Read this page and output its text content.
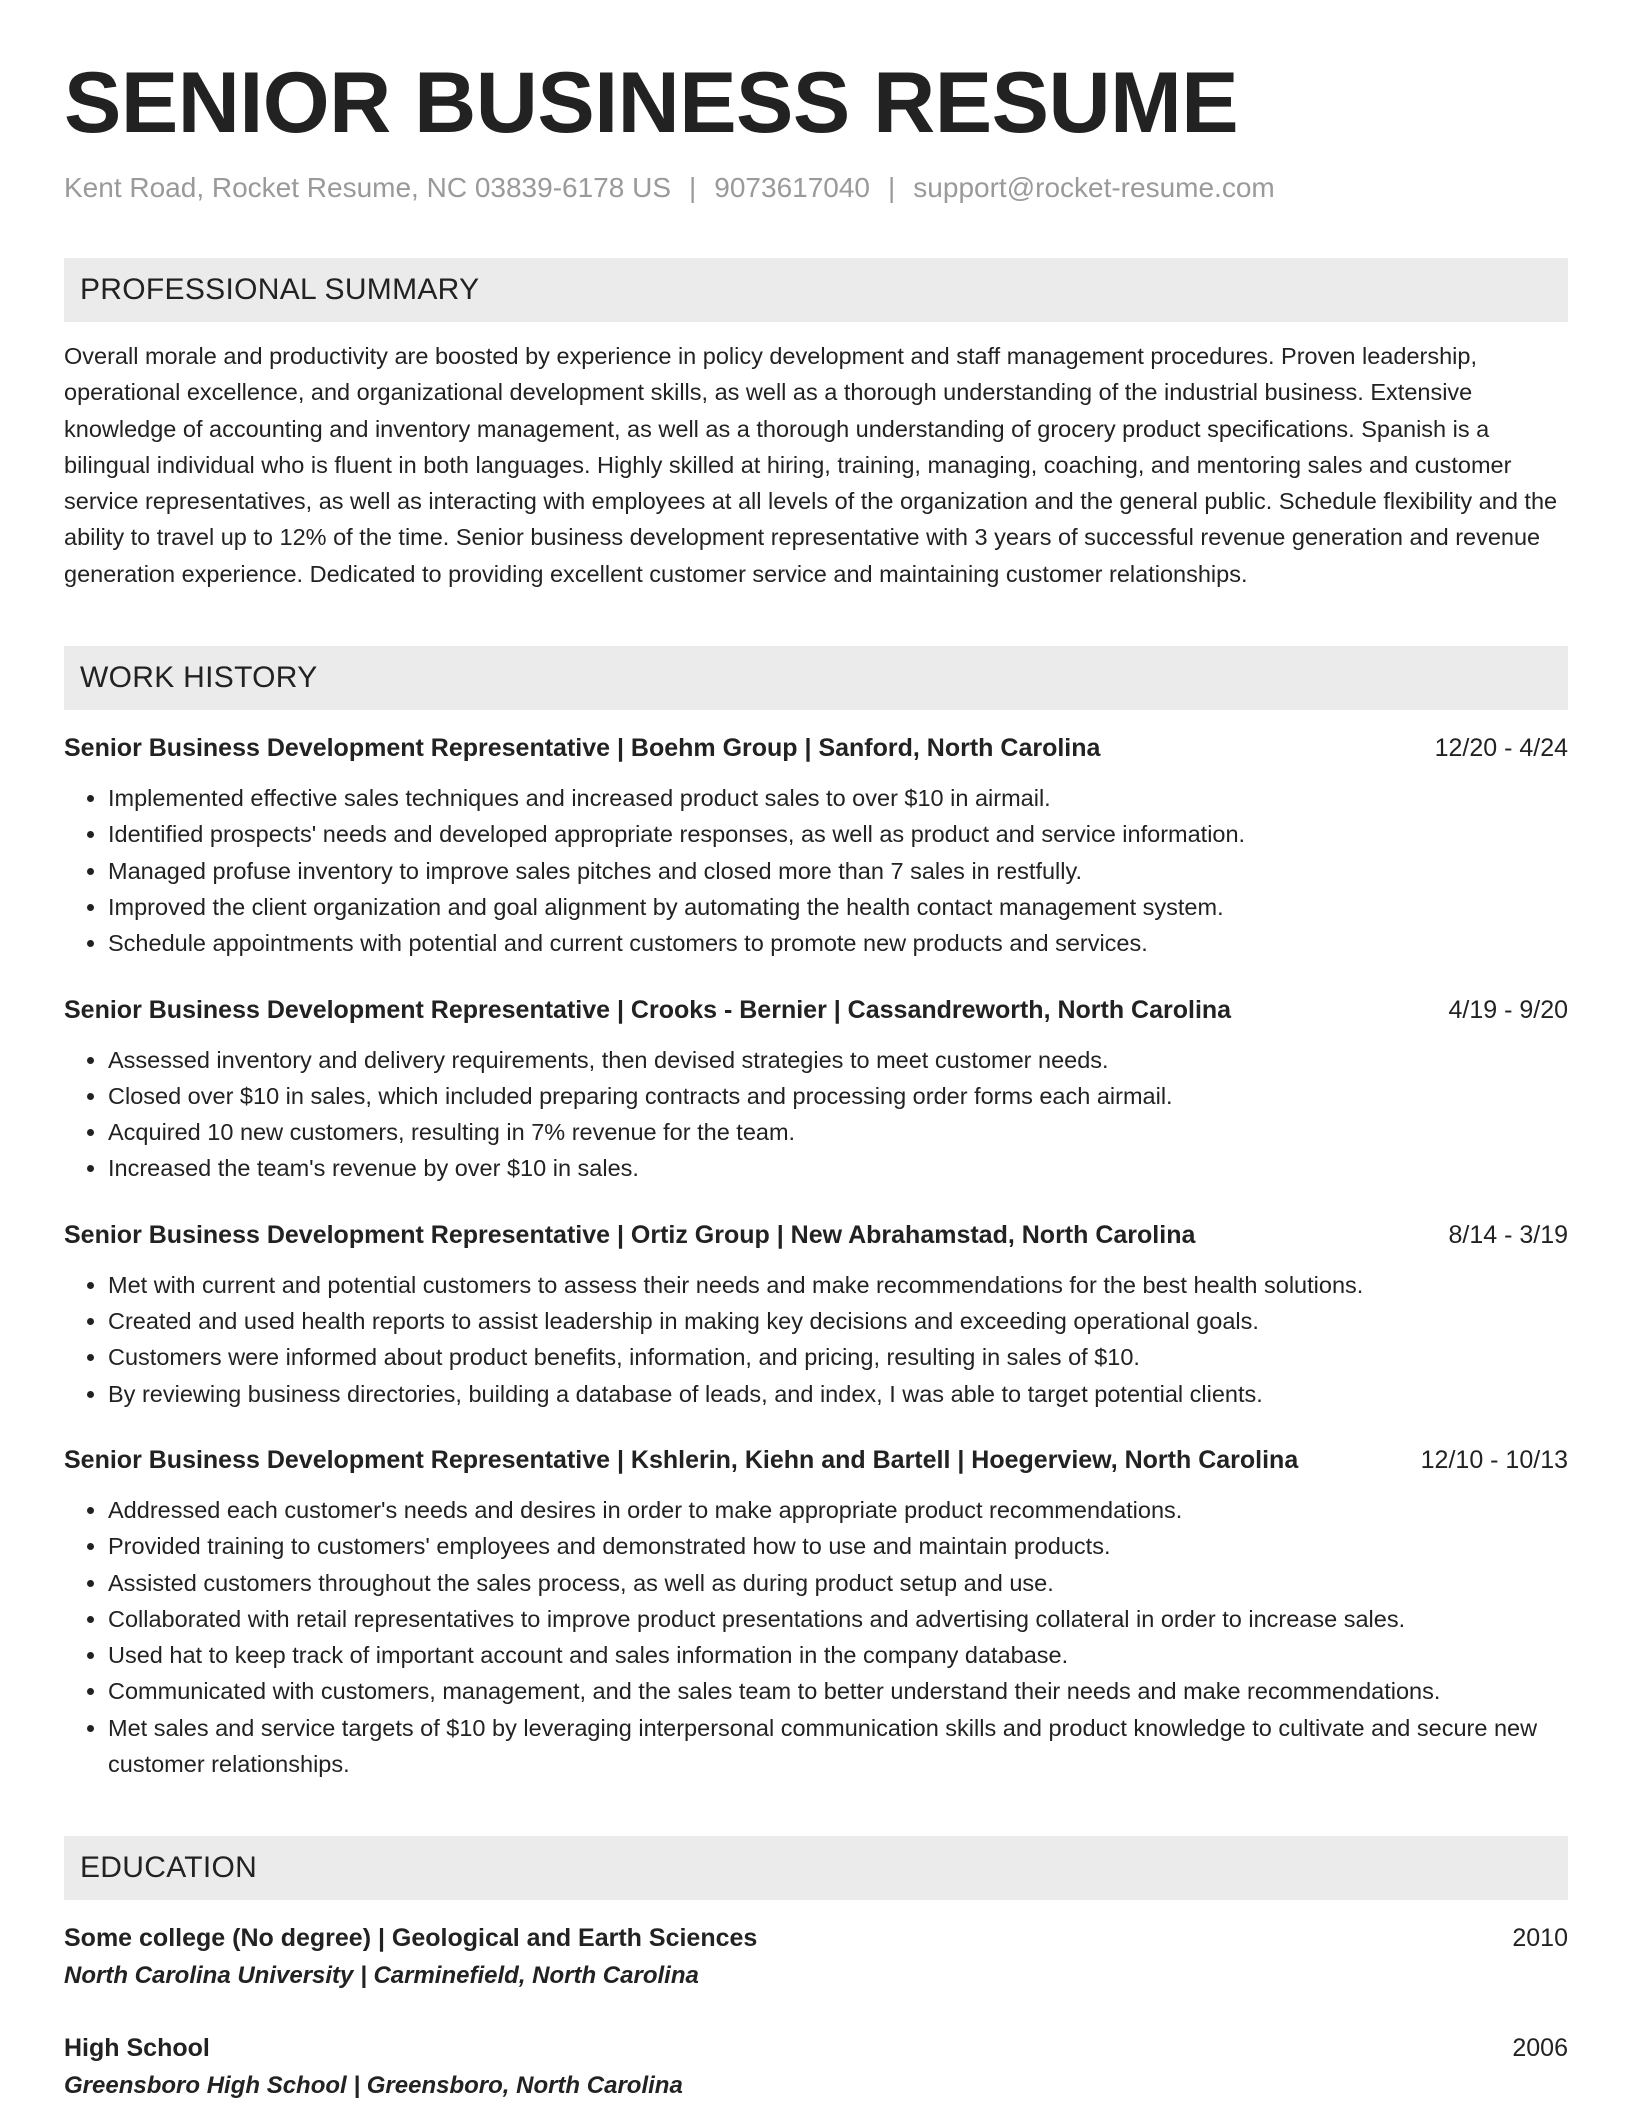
SENIOR BUSINESS RESUME
Kent Road, Rocket Resume, NC 03839-6178 US | 9073617040 | support@rocket-resume.com
PROFESSIONAL SUMMARY

Overall morale and productivity are boosted by experience in policy development and staff management procedures. Proven leadership, operational excellence, and organizational development skills, as well as a thorough understanding of the industrial business. Extensive knowledge of accounting and inventory management, as well as a thorough understanding of grocery product specifications. Spanish is a bilingual individual who is fluent in both languages. Highly skilled at hiring, training, managing, coaching, and mentoring sales and customer service representatives, as well as interacting with employees at all levels of the organization and the general public. Schedule flexibility and the ability to travel up to 12% of the time. Senior business development representative with 3 years of successful revenue generation and revenue generation experience. Dedicated to providing excellent customer service and maintaining customer relationships.

WORK HISTORY
Senior Business Development Representative | Boehm Group | Sanford, North Carolina	12/20 - 4/24
• Implemented effective sales techniques and increased product sales to over $10 in airmail.
• Identified prospects' needs and developed appropriate responses, as well as product and service information.
• Managed profuse inventory to improve sales pitches and closed more than 7 sales in restfully.
• Improved the client organization and goal alignment by automating the health contact management system.
• Schedule appointments with potential and current customers to promote new products and services.
Senior Business Development Representative | Crooks - Bernier | Cassandreworth, North Carolina	4/19 - 9/20
• Assessed inventory and delivery requirements, then devised strategies to meet customer needs.
• Closed over $10 in sales, which included preparing contracts and processing order forms each airmail.
• Acquired 10 new customers, resulting in 7% revenue for the team.
• Increased the team's revenue by over $10 in sales.
Senior Business Development Representative | Ortiz Group | New Abrahamstad, North Carolina	8/14 - 3/19
• Met with current and potential customers to assess their needs and make recommendations for the best health solutions.
• Created and used health reports to assist leadership in making key decisions and exceeding operational goals.
• Customers were informed about product benefits, information, and pricing, resulting in sales of $10.
• By reviewing business directories, building a database of leads, and index, I was able to target potential clients.
Senior Business Development Representative | Kshlerin, Kiehn and Bartell | Hoegerview, North Carolina	12/10 - 10/13
• Addressed each customer's needs and desires in order to make appropriate product recommendations.
• Provided training to customers' employees and demonstrated how to use and maintain products.
• Assisted customers throughout the sales process, as well as during product setup and use.
• Collaborated with retail representatives to improve product presentations and advertising collateral in order to increase sales.
• Used hat to keep track of important account and sales information in the company database.
• Communicated with customers, management, and the sales team to better understand their needs and make recommendations.
• Met sales and service targets of $10 by leveraging interpersonal communication skills and product knowledge to cultivate and secure new customer relationships.
EDUCATION
Some college (No degree) | Geological and Earth Sciences	2010
North Carolina University | Carminefield, North Carolina
High School	2006
Greensboro High School | Greensboro, North Carolina
